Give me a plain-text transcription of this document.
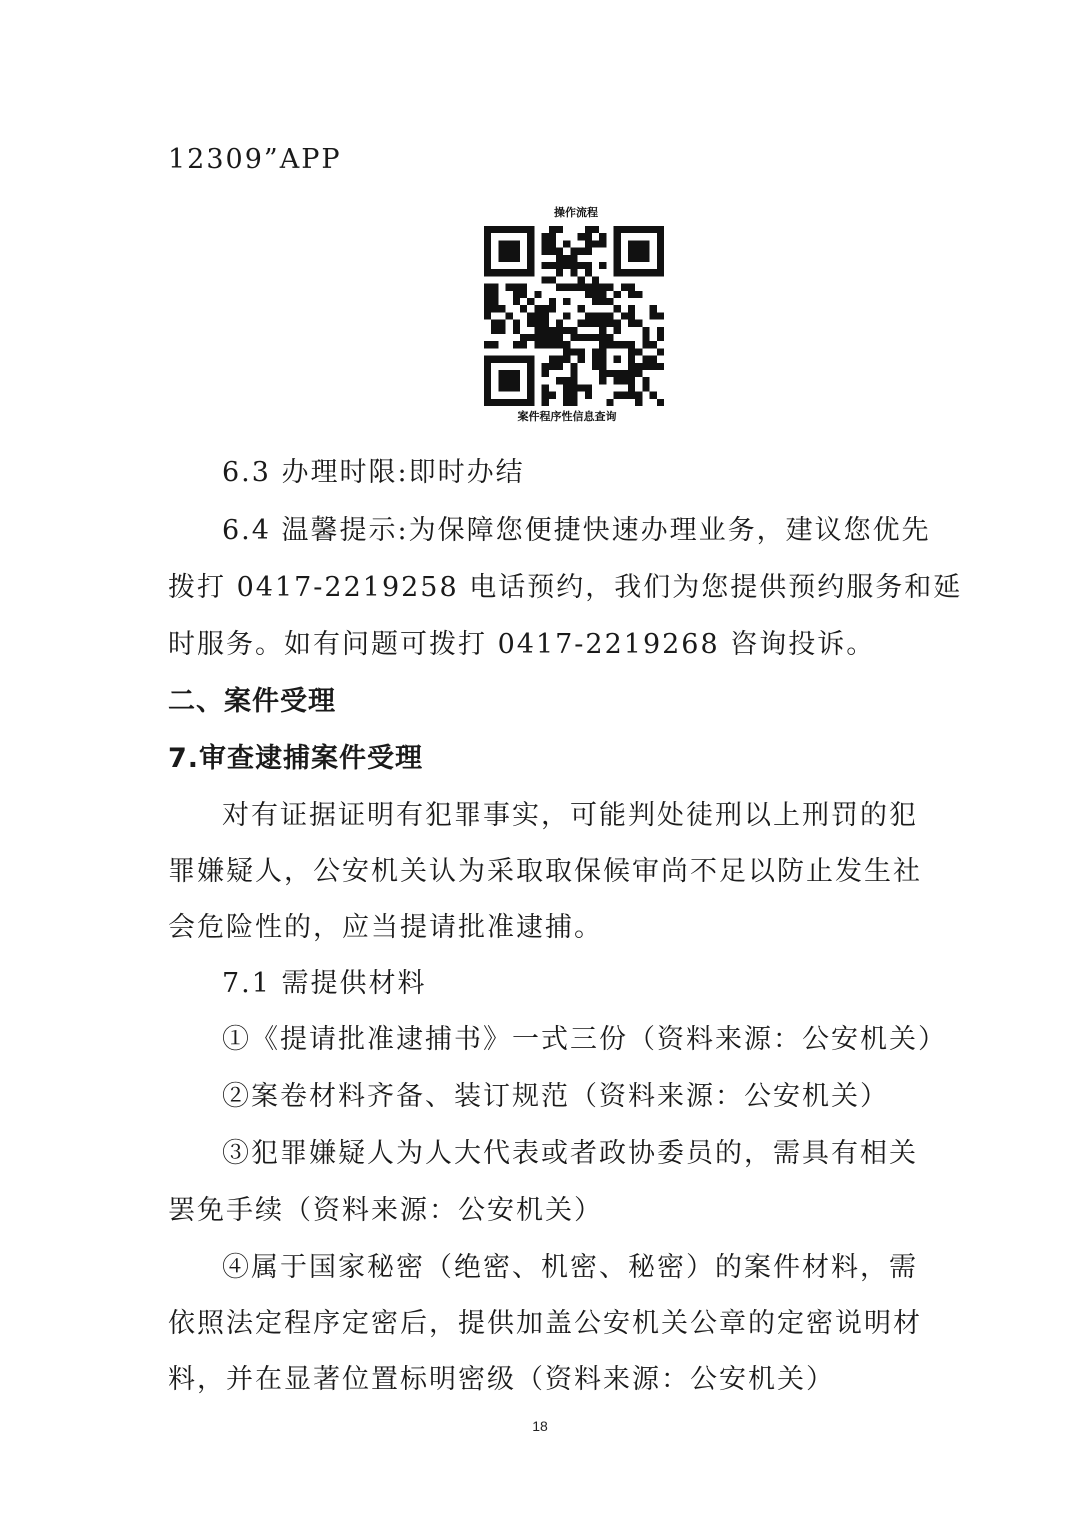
12309”APP
操作流程
案件程序性信息查询
6.3 办理时限:即时办结
6.4 温馨提示:为保障您便捷快速办理业务，建议您优先
拨打 0417-2219258 电话预约，我们为您提供预约服务和延
时服务。如有问题可拨打 0417-2219268 咨询投诉。
二、案件受理
7.审查逮捕案件受理
对有证据证明有犯罪事实，可能判处徒刑以上刑罚的犯
罪嫌疑人，公安机关认为采取取保候审尚不足以防止发生社
会危险性的，应当提请批准逮捕。
7.1 需提供材料
①《提请批准逮捕书》一式三份（资料来源：公安机关）
②案卷材料齐备、装订规范（资料来源：公安机关）
③犯罪嫌疑人为人大代表或者政协委员的，需具有相关
罢免手续（资料来源：公安机关）
④属于国家秘密（绝密、机密、秘密）的案件材料，需
依照法定程序定密后，提供加盖公安机关公章的定密说明材
料，并在显著位置标明密级（资料来源：公安机关）
18
